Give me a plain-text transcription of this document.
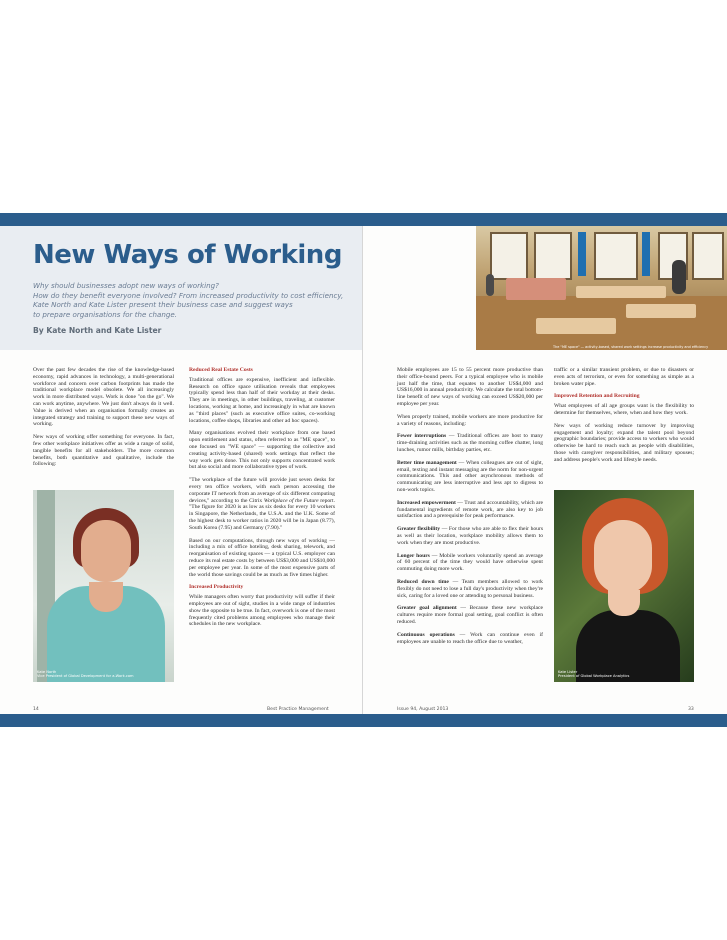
New Ways of Working

Why should businesses adopt new ways of working?
How do they benefit everyone involved? From increased productivity to cost efficiency,
Kate North and Kate Lister present their business case and suggest ways
to prepare organisations for the change.

By Kate North and Kate Lister
The "ME space" — activity-based, shared work settings increase productivity and efficiency

Over the past few decades the rise of the knowledge-based economy, rapid advances in technology, a multi-generational workforce and concern over carbon footprints has made the traditional workplace model obsolete. We all increasingly work in more distributed ways. Work is done "on the go". We can work anytime, anywhere. We just don't always do it well. Value is derived when an organisation formally creates an integrated strategy and training to support these new ways of working.

New ways of working offer something for everyone. In fact, few other workplace initiatives offer as wide a range of solid, tangible benefits for all stakeholders. The more common benefits, both quantitative and qualitative, include the following:

Kate North
Vice President of Global Development for a-Work.com

Reduced Real Estate Costs

Traditional offices are expensive, inefficient and inflexible. Research on office space utilisation reveals that employees typically spend less than half of their workday at their desks. They are in meetings, in other buildings, traveling, at customer locations, working at home, and increasingly in what are known as "third places" (such as executive office suites, co-working locations, coffee shops, libraries and other ad hoc spaces).

Many organisations evolved their workplace from one based upon entitlement and status, often referred to as "ME space", to one focused on "WE space" — supporting the collective and creating activity-based (shared) work settings that reflect the way work gets done. This not only supports concentrated work but also social and more collaborative types of work.

"The workplace of the future will provide just seven desks for every ten office workers, with each person accessing the corporate IT network from an average of six different computing devices," according to the Citrix Workplace of the Future report. "The figure for 2020 is as low as six desks for every 10 workers in Singapore, the Netherlands, the U.S.A. and the U.K. Some of the highest desk to worker ratios in 2020 will be in Japan (8.77), South Korea (7.95) and Germany (7.90)."

Based on our computations, through new ways of working — including a mix of office hoteling, desk sharing, telework, and reorganisation of existing spaces — a typical U.S. employer can reduce its real estate costs by between US$3,000 and US$10,000 per employee per year. In some of the most expensive parts of the world those savings could be as much as five times higher.

Increased Productivity

While managers often worry that productivity will suffer if their employees are out of sight, studies in a wide range of industries show the opposite to be true. In fact, overwork is one of the most frequently cited problems among employees who manage their schedules in the new workplace.

Mobile employees are 15 to 55 percent more productive than their office-bound peers. For a typical employee who is mobile just half the time, that equates to another US$4,000 and US$16,000 in annual productivity. We calculate the total bottom-line benefit of new ways of working can exceed US$20,000 per employee per year.

When properly trained, mobile workers are more productive for a variety of reasons, including:

Fewer interruptions — Traditional offices are host to many time-draining activities such as the morning coffee chatter, long lunches, rumor mills, birthday parties, etc.

Better time management — When colleagues are out of sight, email, texting and instant messaging are the norm for non-urgent communications. This and other asynchronous methods of communicating are less interruptive and less apt to digress to non-work topics.

Increased empowerment — Trust and accountability, which are fundamental ingredients of remote work, are also key to job satisfaction and a prerequisite for peak performance.

Greater flexibility — For those who are able to flex their hours as well as their location, workplace mobility allows them to work when they are most productive.

Longer hours — Mobile workers voluntarily spend an average of 60 percent of the time they would have otherwise spent commuting doing more work.

Reduced down time — Team members allowed to work flexibly do not need to lose a full day's productivity when they're sick, caring for a loved one or attending to personal business.

Greater goal alignment — Because these new workplace cultures require more formal goal setting, goal conflict is often reduced.

Continuous operations — Work can continue even if employees are unable to reach the office due to weather,

traffic or a similar transient problem, or due to disasters or even acts of terrorism, or even for something as simple as a broken water pipe.

Improved Retention and Recruiting

What employees of all age groups want is the flexibility to determine for themselves, where, when and how they work.

New ways of working reduce turnover by improving engagement and loyalty; expand the talent pool beyond geographic boundaries; provide access to workers who would otherwise be hard to reach such as people with disabilities, those with caregiver responsibilities, and military spouses; and address people's work and lifestyle needs.

Kate Lister
President of Global Workplace Analytics
14	Best Practice Management	Issue 94, August 2013	33
